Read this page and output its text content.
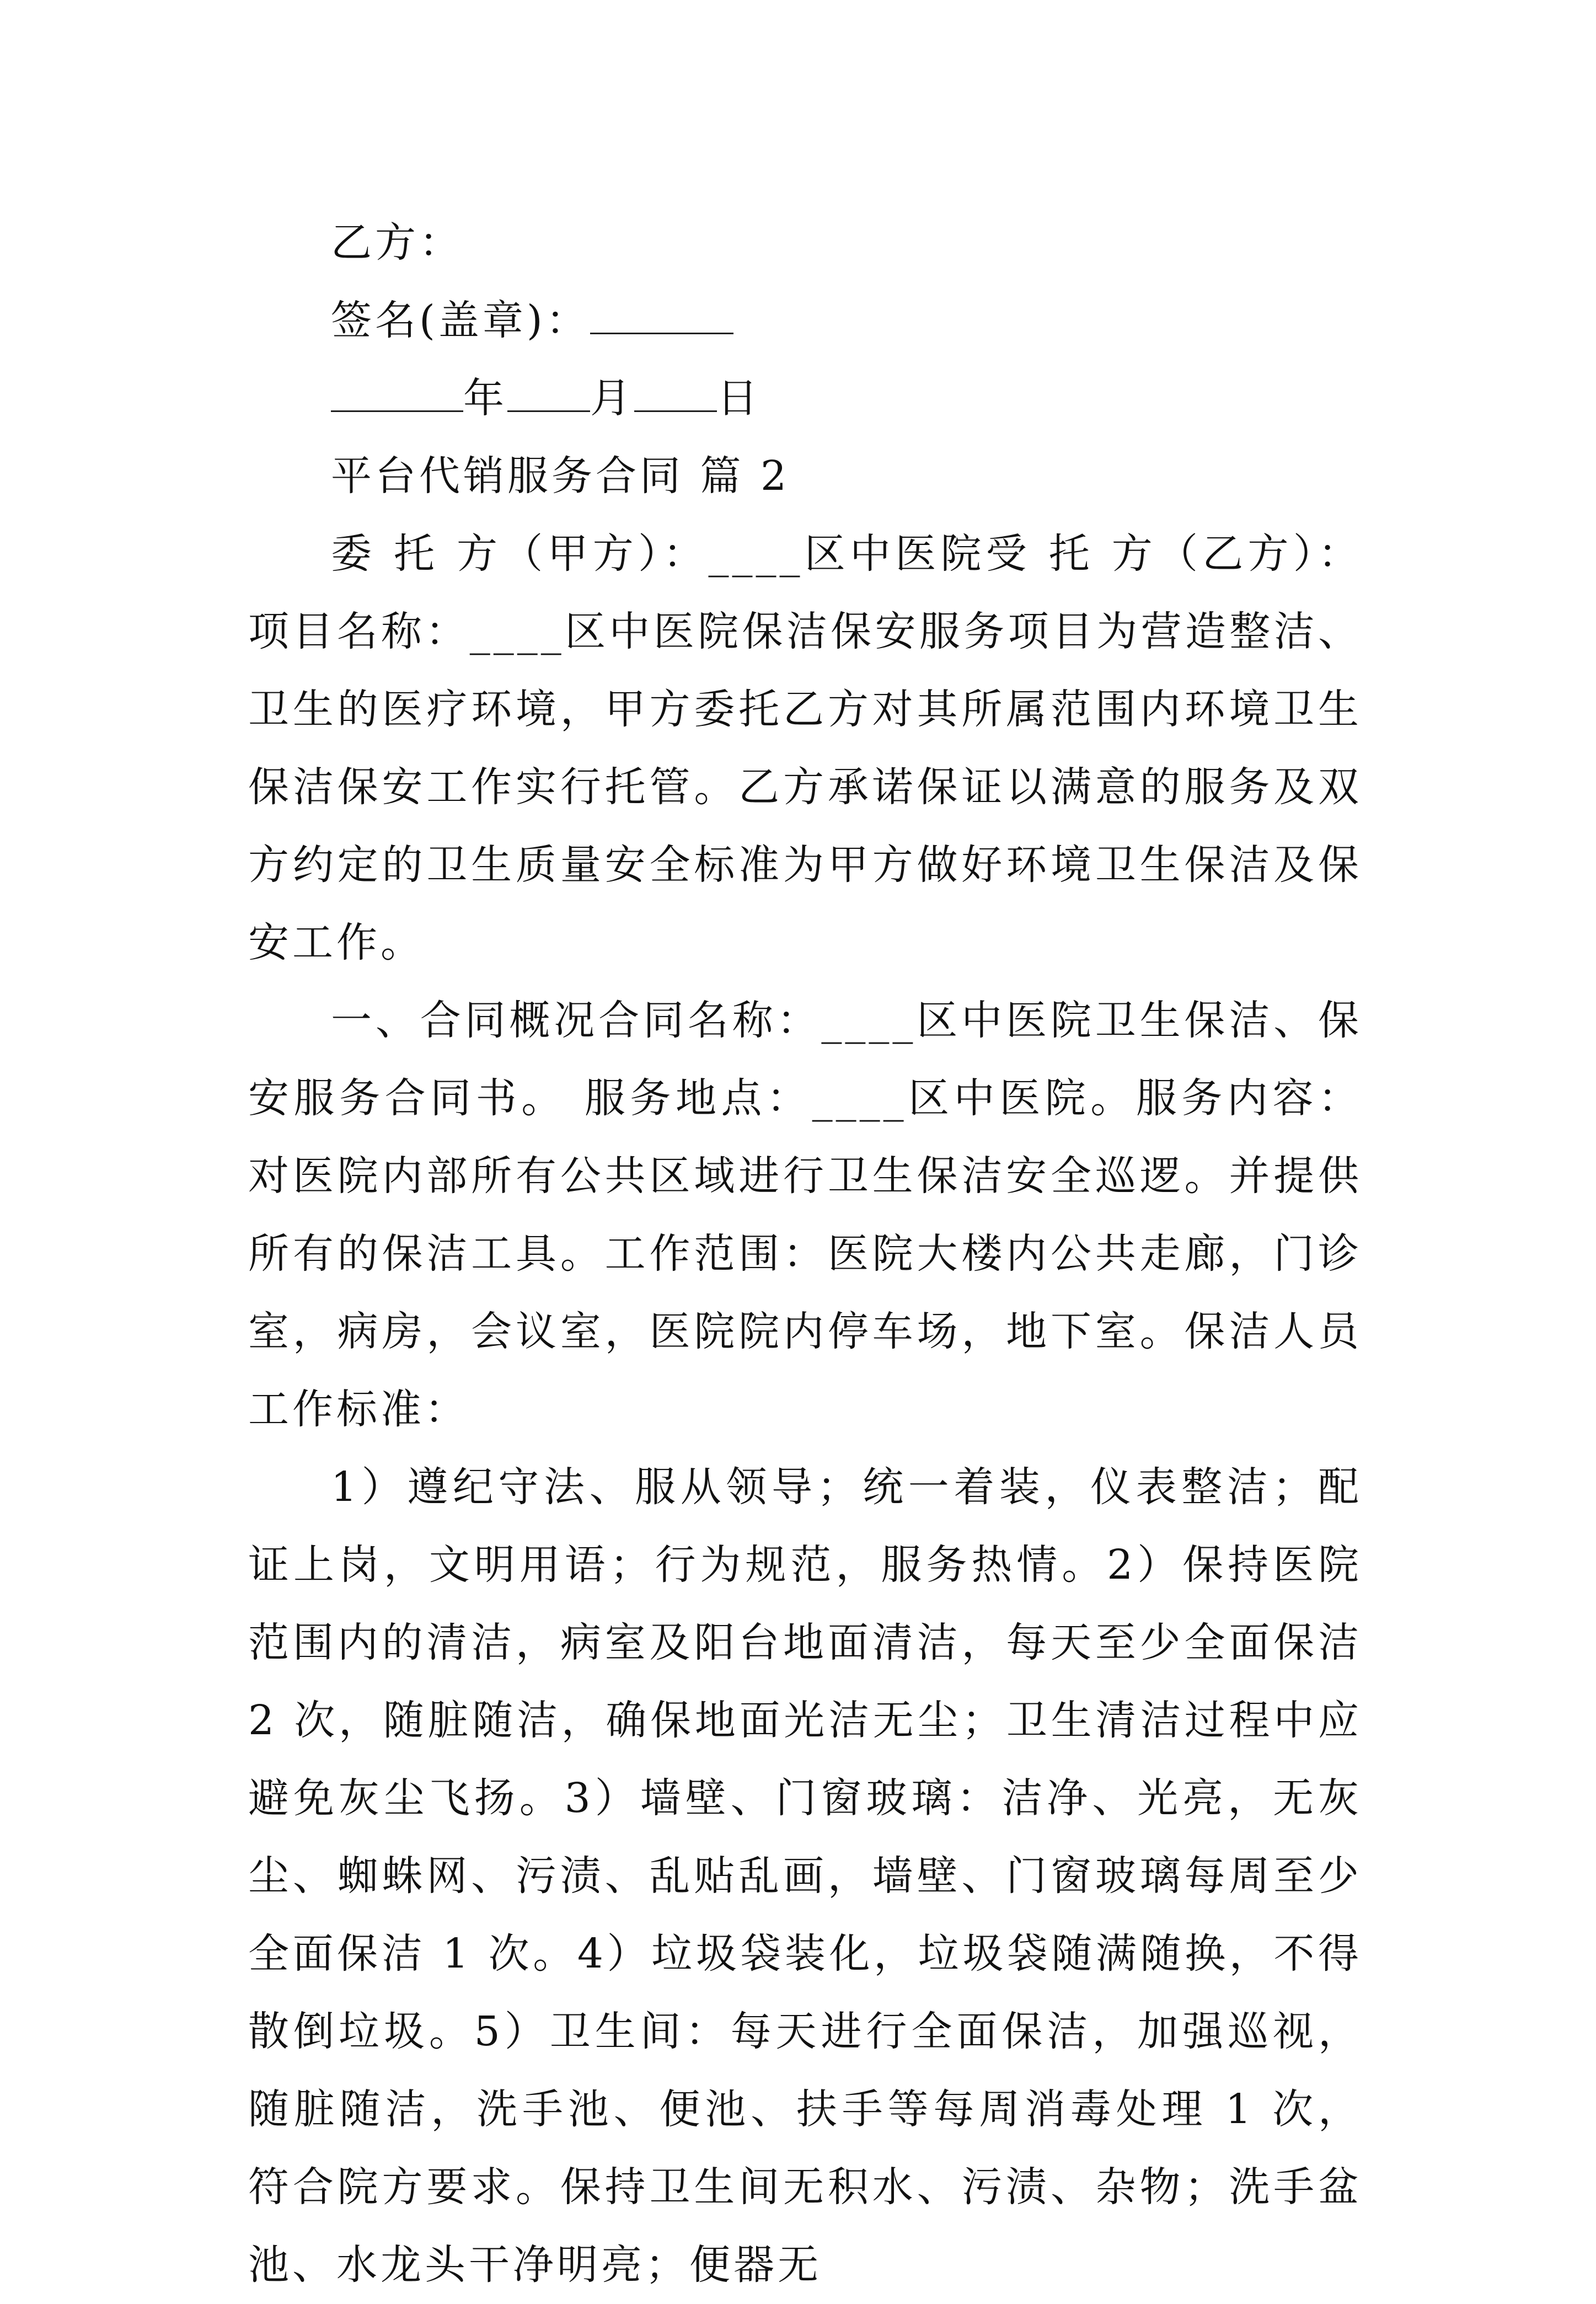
乙方：
签名(盖章)：
年 月 日
平台代销服务合同 篇 2

委 托 方（甲方）：____区中医院受 托 方（乙方）：项目名称：____区中医院保洁保安服务项目为营造整洁、卫生的医疗环境，甲方委托乙方对其所属范围内环境卫生保洁保安工作实行托管。乙方承诺保证以满意的服务及双方约定的卫生质量安全标准为甲方做好环境卫生保洁及保安工作。

一、合同概况合同名称：____区中医院卫生保洁、保安服务合同书。 服务地点：____区中医院。服务内容：对医院内部所有公共区域进行卫生保洁安全巡逻。并提供所有的保洁工具。工作范围：医院大楼内公共走廊，门诊室，病房，会议室，医院院内停车场，地下室。保洁人员工作标准：

1）遵纪守法、服从领导；统一着装，仪表整洁；配证上岗，文明用语；行为规范，服务热情。2）保持医院范围内的清洁，病室及阳台地面清洁，每天至少全面保洁 2 次，随脏随洁，确保地面光洁无尘；卫生清洁过程中应避免灰尘飞扬。3）墙壁、门窗玻璃：洁净、光亮，无灰尘、蜘蛛网、污渍、乱贴乱画，墙壁、门窗玻璃每周至少全面保洁 1 次。4）垃圾袋装化，垃圾袋随满随换，不得散倒垃圾。5）卫生间：每天进行全面保洁，加强巡视，随脏随洁，洗手池、便池、扶手等每周消毒处理 1 次，符合院方要求。保持卫生间无积水、污渍、杂物；洗手盆池、水龙头干净明亮；便器无
